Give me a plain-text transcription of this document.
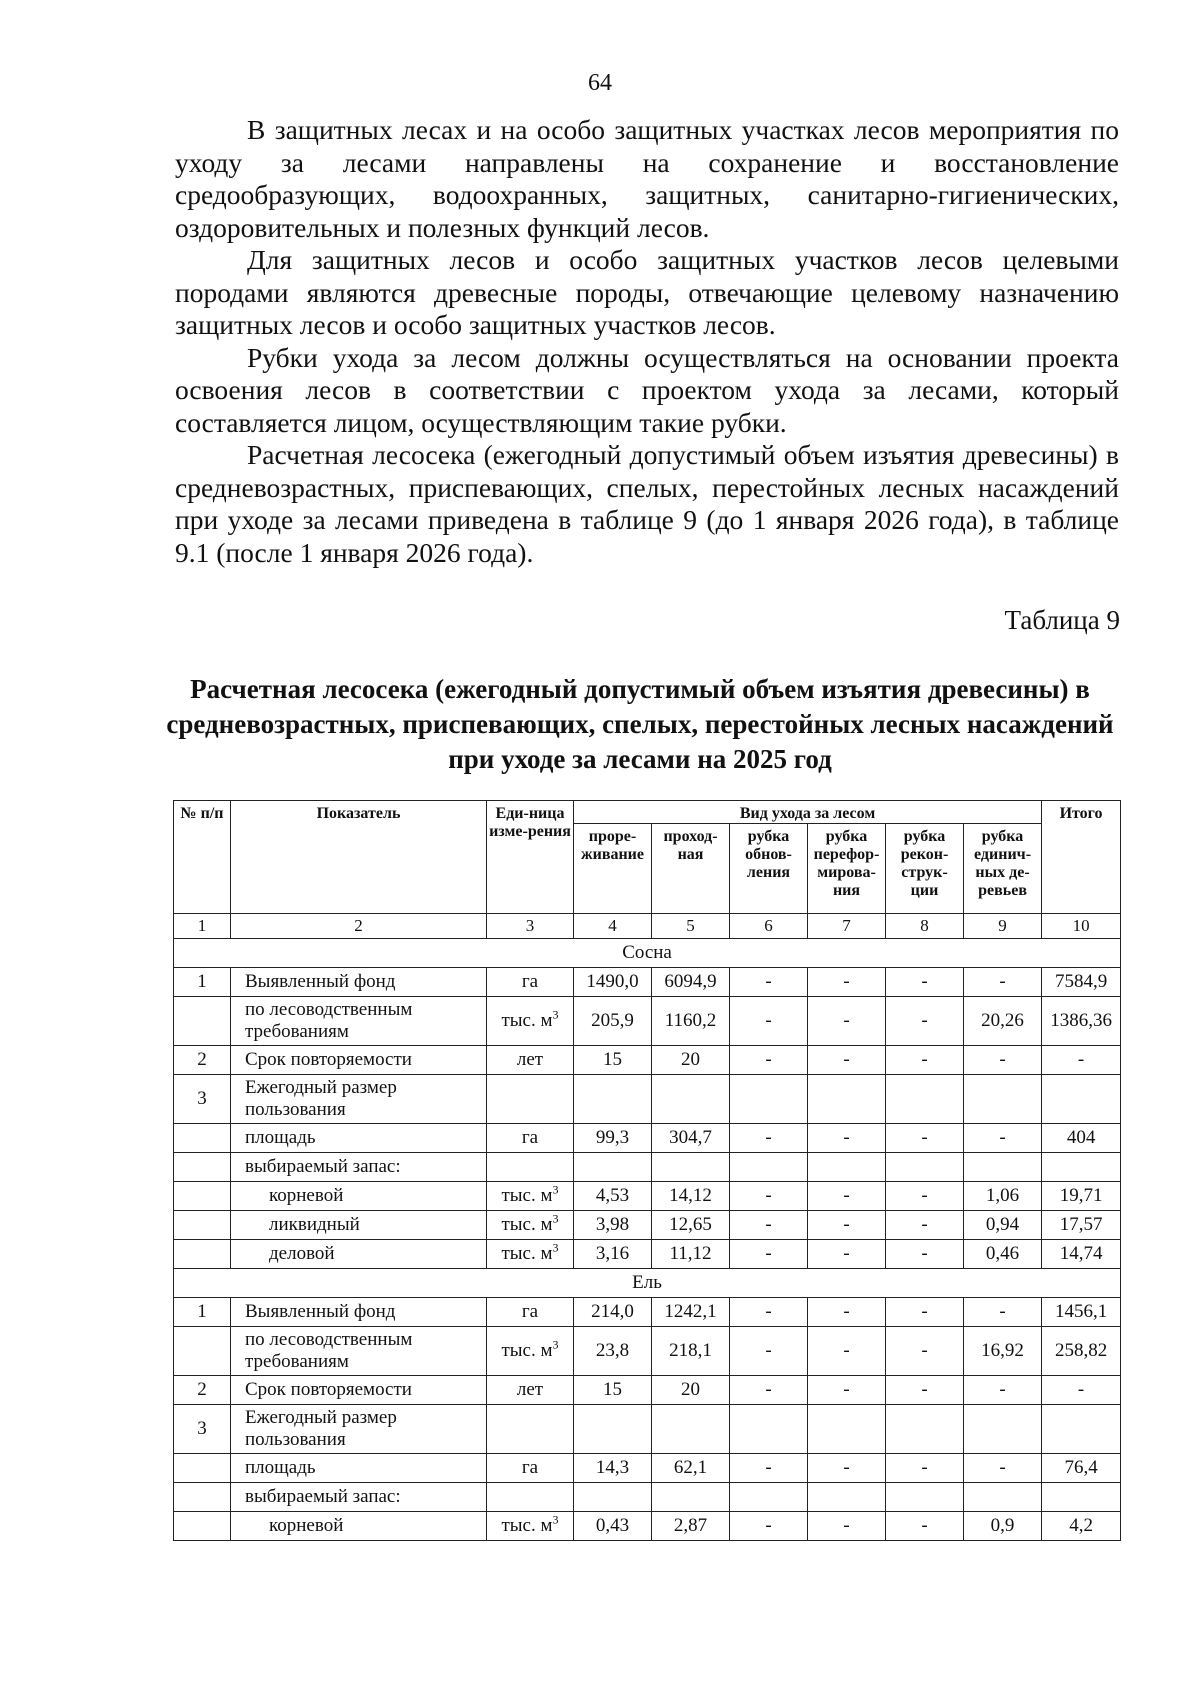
64

В защитных лесах и на особо защитных участках лесов мероприятия по уходу за лесами направлены на сохранение и восстановление средообразующих, водоохранных, защитных, санитарно-гигиенических, оздоровительных и полезных функций лесов.

Для защитных лесов и особо защитных участков лесов целевыми породами являются древесные породы, отвечающие целевому назначению защитных лесов и особо защитных участков лесов.

Рубки ухода за лесом должны осуществляться на основании проекта освоения лесов в соответствии с проектом ухода за лесами, который составляется лицом, осуществляющим такие рубки.

Расчетная лесосека (ежегодный допустимый объем изъятия древесины) в средневозрастных, приспевающих, спелых, перестойных лесных насаждений при уходе за лесами приведена в таблице 9 (до 1 января 2026 года), в таблице 9.1 (после 1 января 2026 года).

Таблица 9
Расчетная лесосека (ежегодный допустимый объем изъятия древесины) в средневозрастных, приспевающих, спелых, перестойных лесных насаждений при уходе за лесами на 2025 год
№ п/п	Показатель	Еди-ница изме-рения	Вид ухода за лесом						Итого
			проре-живание	проход-ная	рубка обнов-ления	рубка перефор-мирова-ния	рубка рекон-струк-ции	рубка единич-ных де-ревьев	
1	2	3	4	5	6	7	8	9	10
Сосна									
1	Выявленный фонд	га	1490,0	6094,9	-	-	-	-	7584,9
	по лесоводственным требованиям	тыс. $м^3$	205,9	1160,2	-	-	-	20,26	1386,36
2	Срок повторяемости	лет	15	20	-	-	-	-	-
3	Ежегодный размер пользования								
	площадь	га	99,3	304,7	-	-	-	-	404
	выбираемый запас:								
	корневой	тыс. $м^3$	4,53	14,12	-	-	-	1,06	19,71
	ликвидный	тыс. $м^3$	3,98	12,65	-	-	-	0,94	17,57
	деловой	тыс. $м^3$	3,16	11,12	-	-	-	0,46	14,74
Ель									
1	Выявленный фонд	га	214,0	1242,1	-	-	-	-	1456,1
	по лесоводственным требованиям	тыс. $м^3$	23,8	218,1	-	-	-	16,92	258,82
2	Срок повторяемости	лет	15	20	-	-	-	-	-
3	Ежегодный размер пользования								
	площадь	га	14,3	62,1	-	-	-	-	76,4
	выбираемый запас:								
	корневой	тыс. $м^3$	0,43	2,87	-	-	-	0,9	4,2
